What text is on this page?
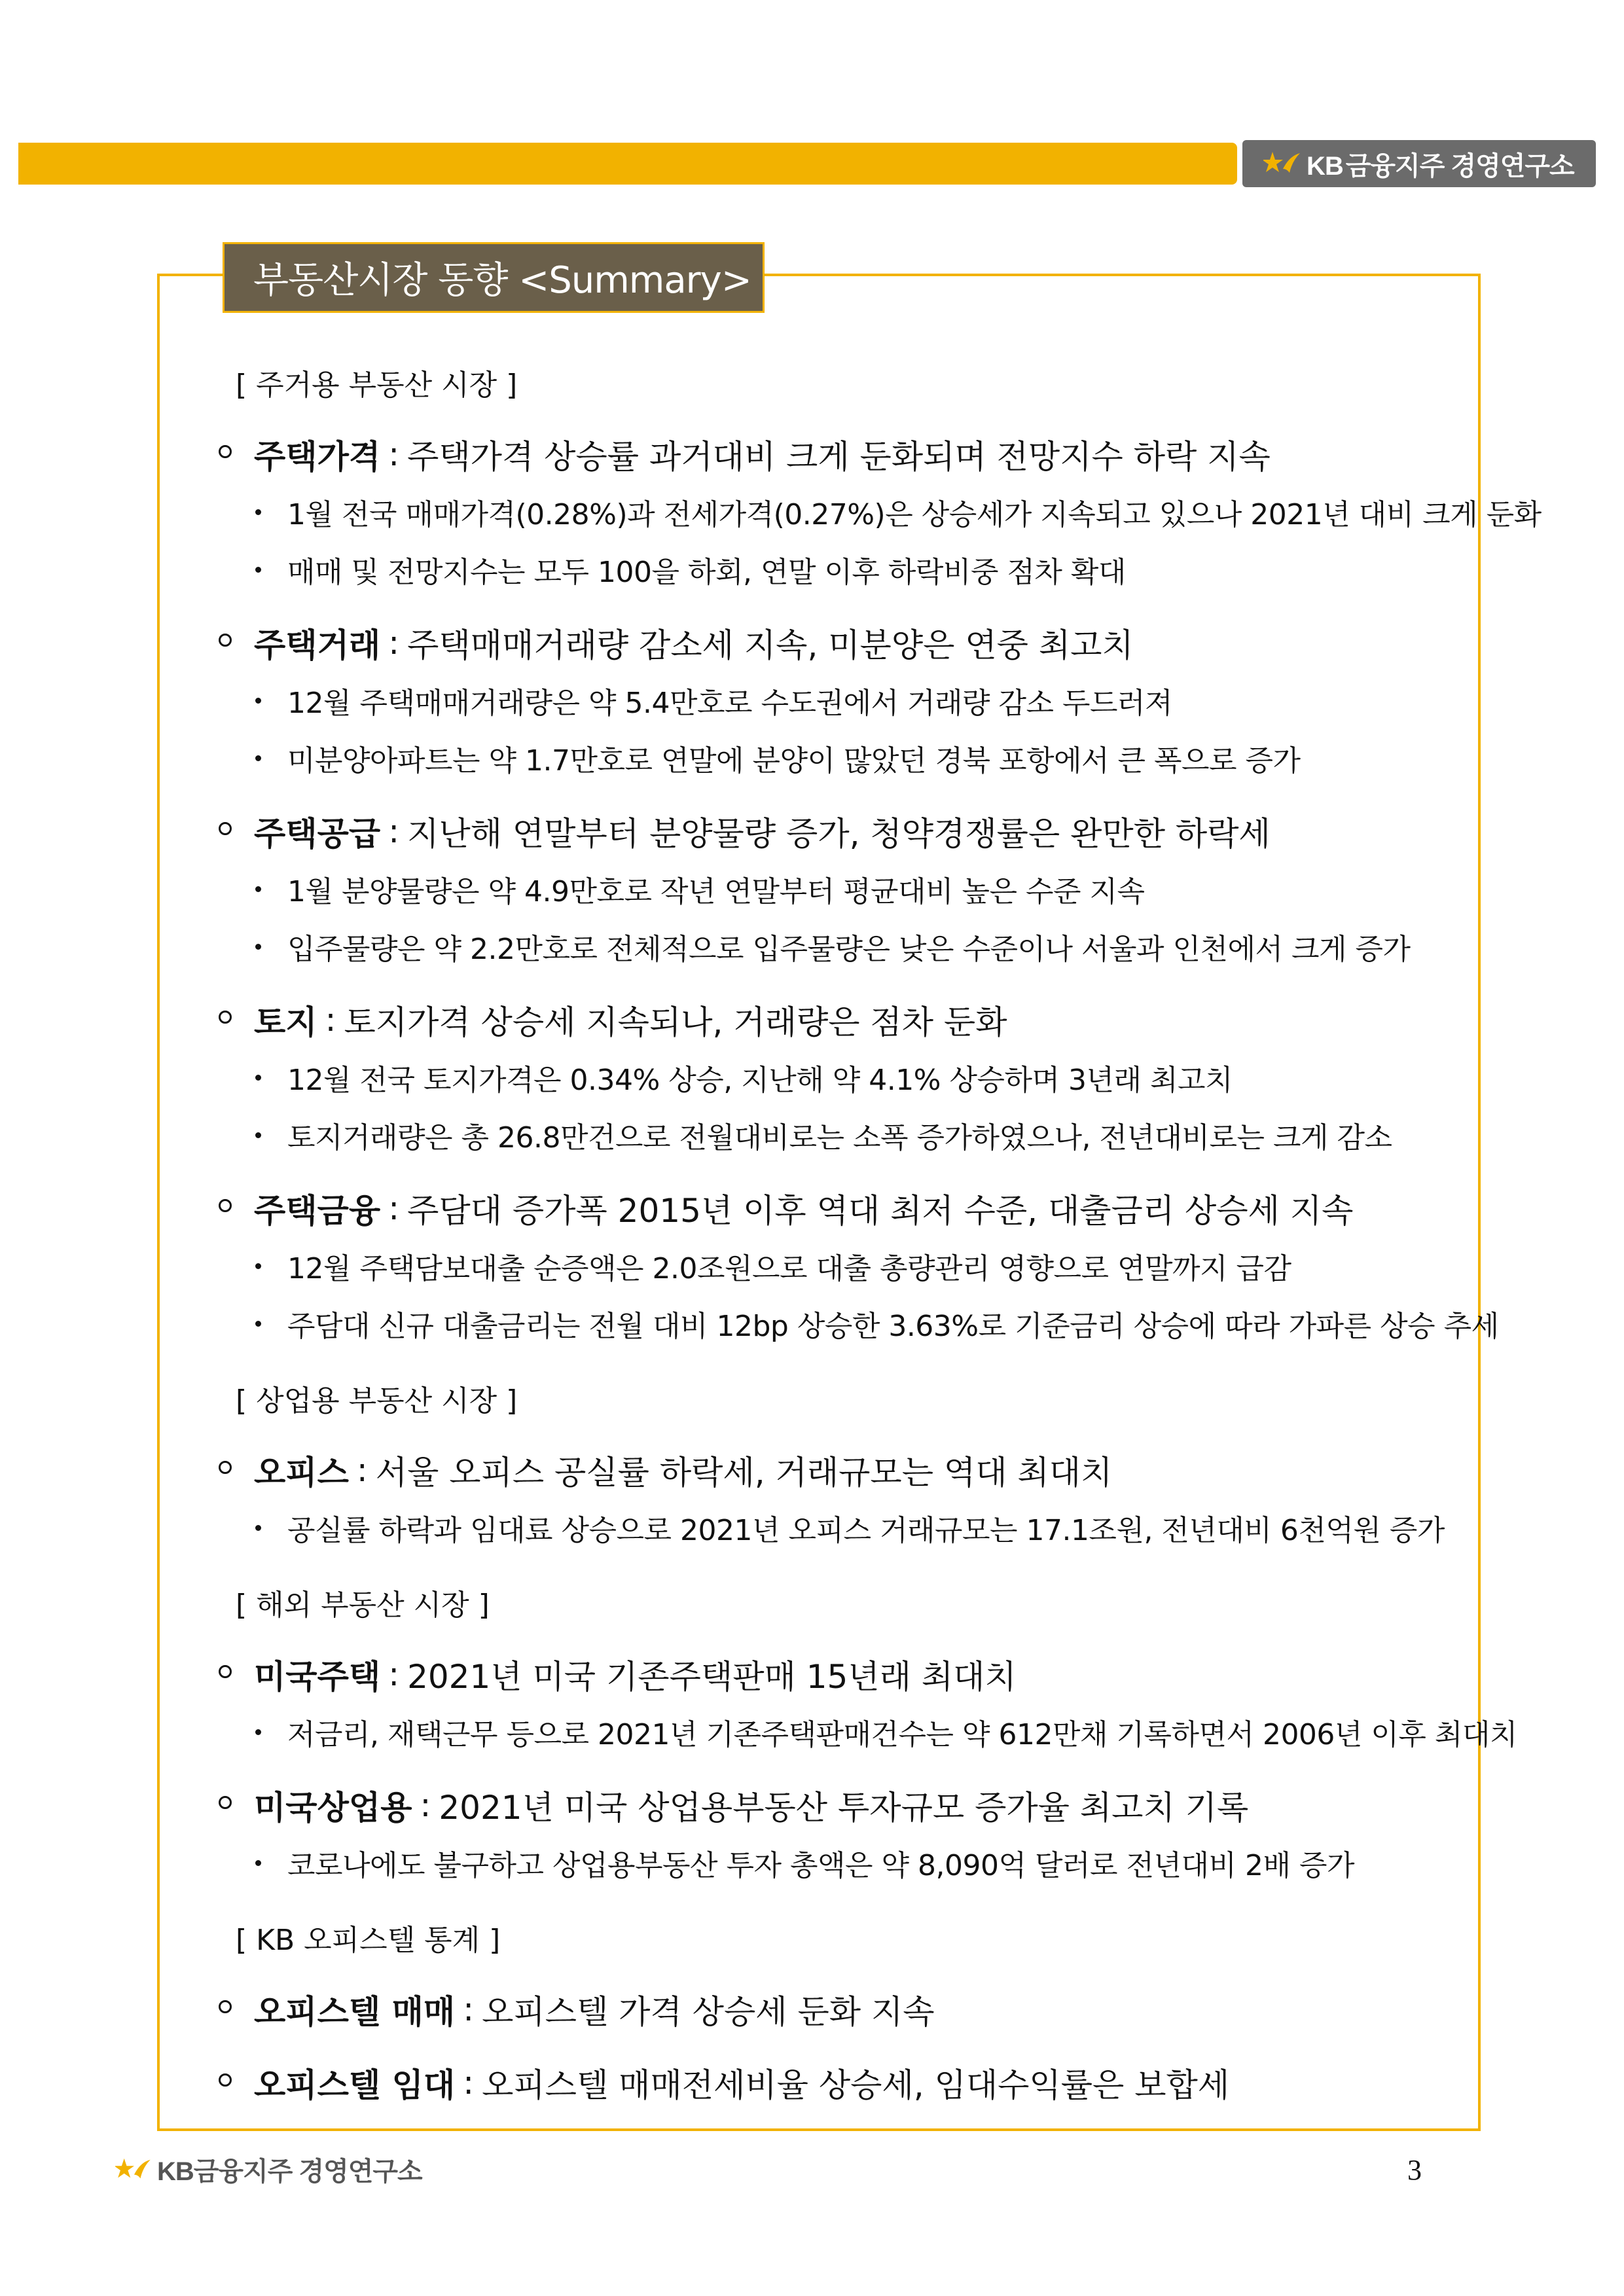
KB 금융지주 경영연구소
부동산시장 동향 <Summary>
[ 주거용 부동산 시장 ]
주택가격 : 주택가격 상승률 과거대비 크게 둔화되며 전망지수 하락 지속
1월 전국 매매가격(0.28%)과 전세가격(0.27%)은 상승세가 지속되고 있으나 2021년 대비 크게 둔화
매매 및 전망지수는 모두 100을 하회, 연말 이후 하락비중 점차 확대
주택거래 : 주택매매거래량 감소세 지속, 미분양은 연중 최고치
12월 주택매매거래량은 약 5.4만호로 수도권에서 거래량 감소 두드러져
미분양아파트는 약 1.7만호로 연말에 분양이 많았던 경북 포항에서 큰 폭으로 증가
주택공급 : 지난해 연말부터 분양물량 증가, 청약경쟁률은 완만한 하락세
1월 분양물량은 약 4.9만호로 작년 연말부터 평균대비 높은 수준 지속
입주물량은 약 2.2만호로 전체적으로 입주물량은 낮은 수준이나 서울과 인천에서 크게 증가
토지 : 토지가격 상승세 지속되나, 거래량은 점차 둔화
12월 전국 토지가격은 0.34% 상승, 지난해 약 4.1% 상승하며 3년래 최고치
토지거래량은 총 26.8만건으로 전월대비로는 소폭 증가하였으나, 전년대비로는 크게 감소
주택금융 : 주담대 증가폭 2015년 이후 역대 최저 수준, 대출금리 상승세 지속
12월 주택담보대출 순증액은 2.0조원으로 대출 총량관리 영향으로 연말까지 급감
주담대 신규 대출금리는 전월 대비 12bp 상승한 3.63%로 기준금리 상승에 따라 가파른 상승 추세
[ 상업용 부동산 시장 ]
오피스 : 서울 오피스 공실률 하락세, 거래규모는 역대 최대치
공실률 하락과 임대료 상승으로 2021년 오피스 거래규모는 17.1조원, 전년대비 6천억원 증가
[ 해외 부동산 시장 ]
미국주택 : 2021년 미국 기존주택판매 15년래 최대치
저금리, 재택근무 등으로 2021년 기존주택판매건수는 약 612만채 기록하면서 2006년 이후 최대치
미국상업용 : 2021년 미국 상업용부동산 투자규모 증가율 최고치 기록
코로나에도 불구하고 상업용부동산 투자 총액은 약 8,090억 달러로 전년대비 2배 증가
[ KB 오피스텔 통계 ]
오피스텔 매매 : 오피스텔 가격 상승세 둔화 지속
오피스텔 임대 : 오피스텔 매매전세비율 상승세, 임대수익률은 보합세
KB금융지주 경영연구소	3
